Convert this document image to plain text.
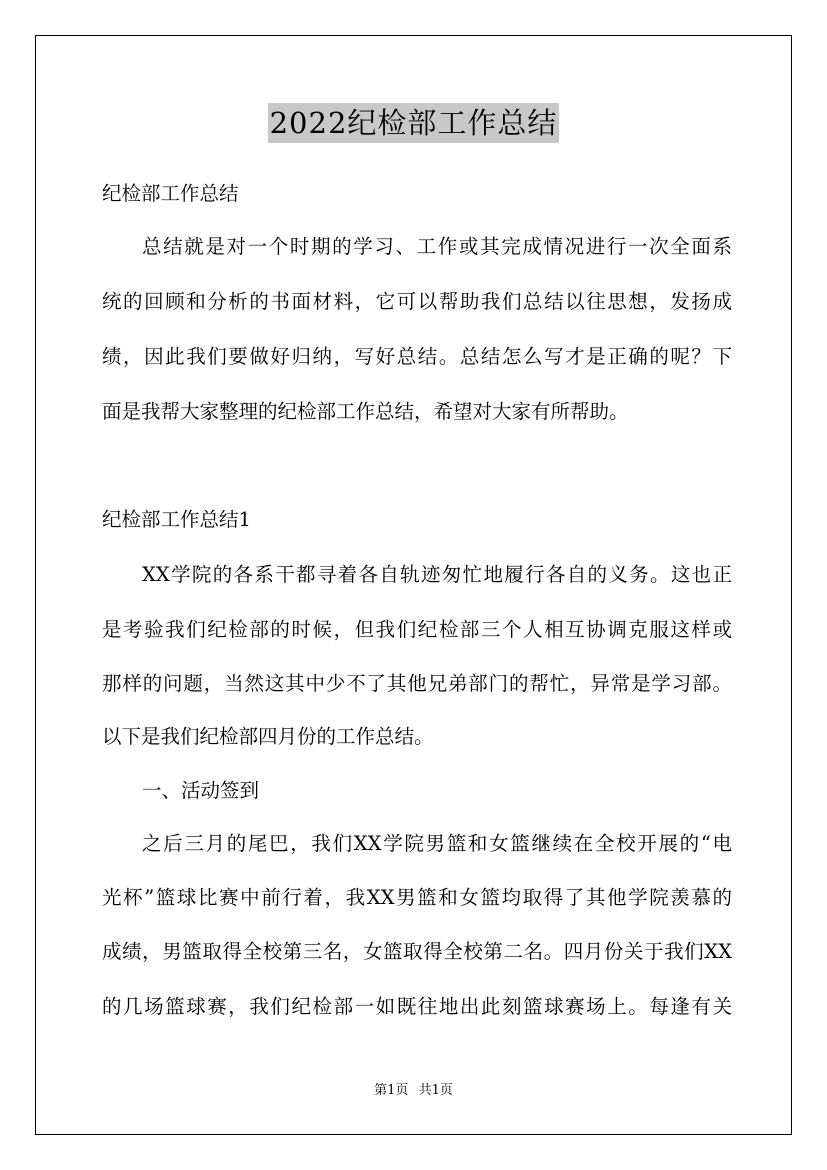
2022纪检部工作总结
纪检部工作总结
总结就是对一个时期的学习、工作或其完成情况进行一次全面系
统的回顾和分析的书面材料，它可以帮助我们总结以往思想，发扬成
绩，因此我们要做好归纳，写好总结。总结怎么写才是正确的呢？下
面是我帮大家整理的纪检部工作总结，希望对大家有所帮助。
纪检部工作总结1
XX学院的各系干都寻着各自轨迹匆忙地履行各自的义务。这也正
是考验我们纪检部的时候，但我们纪检部三个人相互协调克服这样或
那样的问题，当然这其中少不了其他兄弟部门的帮忙，异常是学习部。
以下是我们纪检部四月份的工作总结。
一、活动签到
之后三月的尾巴，我们XX学院男篮和女篮继续在全校开展的“电
光杯”篮球比赛中前行着，我XX男篮和女篮均取得了其他学院羡慕的
成绩，男篮取得全校第三名，女篮取得全校第二名。四月份关于我们XX
的几场篮球赛，我们纪检部一如既往地出此刻篮球赛场上。每逢有关
第1页 共1页
